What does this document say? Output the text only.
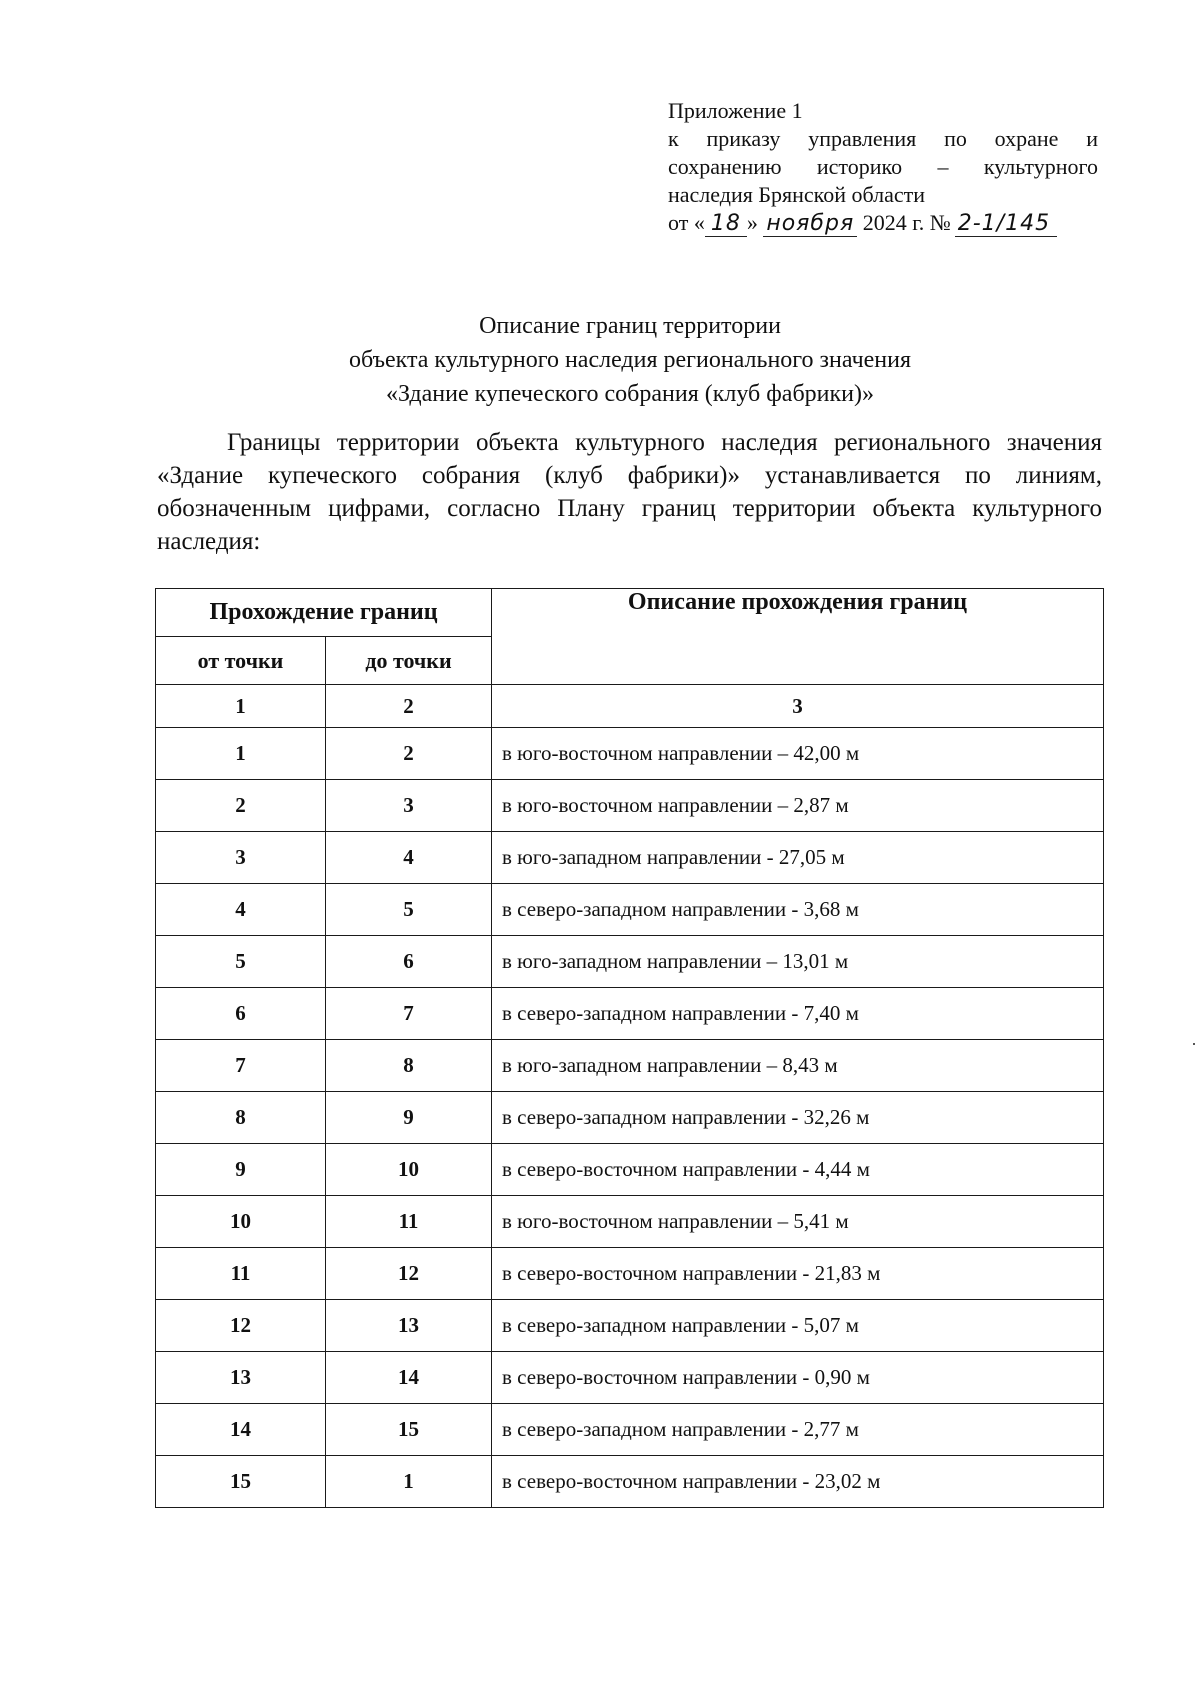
Приложение 1
к приказу управления по охране и
сохранению историко – культурного
наследия Брянской области
от « 18 » ноября 2024 г. № 2-1/145
Описание границ территории
объекта культурного наследия регионального значения
«Здание купеческого собрания (клуб фабрики)»
Границы территории объекта культурного наследия регионального значения «Здание купеческого собрания (клуб фабрики)» устанавливается по линиям, обозначенным цифрами, согласно Плану границ территории объекта культурного наследия:
Прохождение границ		Описание прохождения границ
от точки	до точки	
1	2	3
1	2	в юго-восточном направлении – 42,00 м
2	3	в юго-восточном направлении – 2,87 м
3	4	в юго-западном направлении - 27,05 м
4	5	в северо-западном направлении - 3,68 м
5	6	в юго-западном направлении – 13,01 м
6	7	в северо-западном направлении - 7,40 м
7	8	в юго-западном направлении – 8,43 м
8	9	в северо-западном направлении - 32,26 м
9	10	в северо-восточном направлении - 4,44 м
10	11	в юго-восточном направлении – 5,41 м
11	12	в северо-восточном направлении - 21,83 м
12	13	в северо-западном направлении - 5,07 м
13	14	в северо-восточном направлении - 0,90 м
14	15	в северо-западном направлении - 2,77 м
15	1	в северо-восточном направлении - 23,02 м
